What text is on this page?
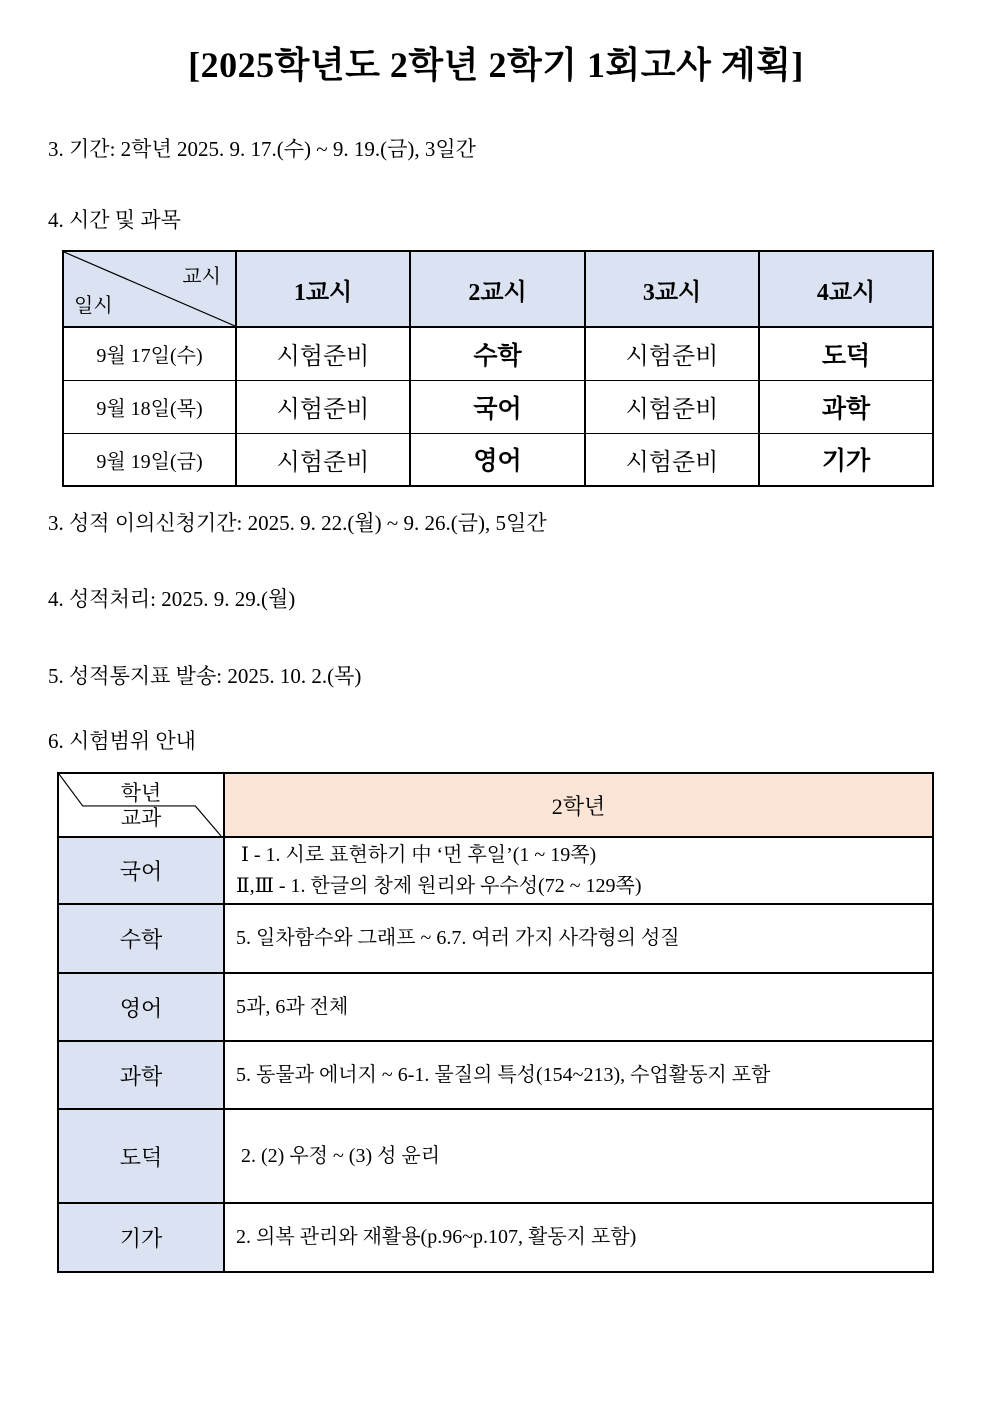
[2025학년도 2학년 2학기 1회고사 계획]
3. 기간: 2학년 2025. 9. 17.(수) ~ 9. 19.(금), 3일간
4. 시간 및 과목
교시
일시	1교시	2교시	3교시	4교시
9월 17일(수)	시험준비	수학	시험준비	도덕
9월 18일(목)	시험준비	국어	시험준비	과학
9월 19일(금)	시험준비	영어	시험준비	기가
3. 성적 이의신청기간: 2025. 9. 22.(월) ~ 9. 26.(금), 5일간
4. 성적처리: 2025. 9. 29.(월)
5. 성적통지표 발송: 2025. 10. 2.(목)
6. 시험범위 안내
학년
교과	2학년
국어	Ⅰ - 1. 시로 표현하기 中 ‘먼 후일’(1 ~ 19쪽)
Ⅱ,Ⅲ - 1. 한글의 창제 원리와 우수성(72 ~ 129쪽)

수학	5. 일차함수와 그래프 ~ 6.7. 여러 가지 사각형의 성질

영어	5과, 6과 전체

과학	5. 동물과 에너지 ~ 6-1. 물질의 특성(154~213), 수업활동지 포함

도덕	2. (2) 우정 ~ (3) 성 윤리

기가	2. 의복 관리와 재활용(p.96~p.107, 활동지 포함)
